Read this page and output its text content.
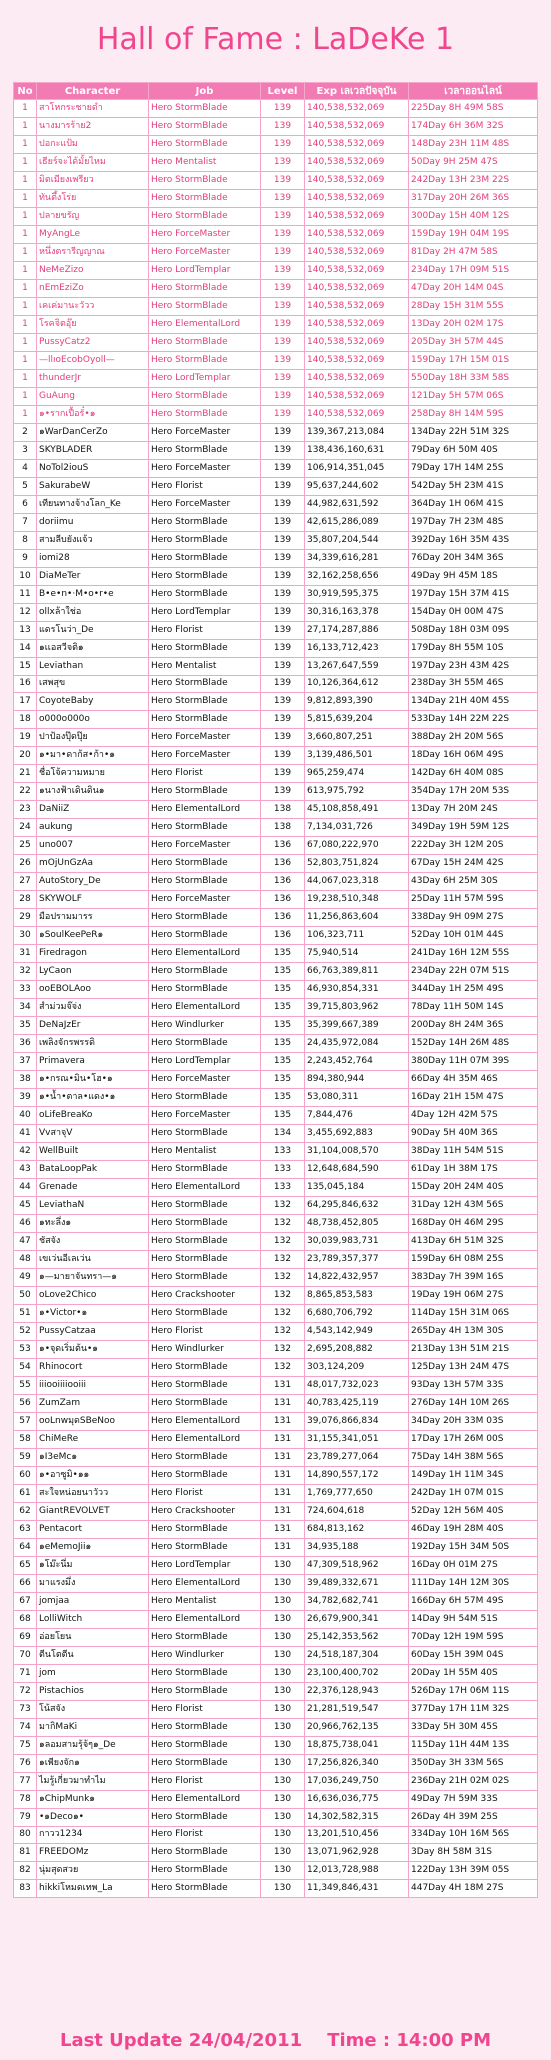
Hall of Fame : LaDeKe 1
No	Character	Job	Level	Exp เลเวลปัจจุบัน	เวลาออนไลน์
1	สาโหกระชายดำ	Hero StormBlade	139	140,538,532,069	225Day 8H 49M 58S
1	นางมารร้าย2	Hero StormBlade	139	140,538,532,069	174Day 6H 36M 32S
1	ปอกะแป้ม	Hero StormBlade	139	140,538,532,069	148Day 23H 11M 48S
1	เธียร์จะได้มั้ยไหม	Hero Mentalist	139	140,538,532,069	50Day 9H 25M 47S
1	มิตเมียงเพรียว	Hero StormBlade	139	140,538,532,069	242Day 13H 23M 22S
1	ทันตึ้งโร่ย	Hero StormBlade	139	140,538,532,069	317Day 20H 26M 36S
1	ปลายขรัญ	Hero StormBlade	139	140,538,532,069	300Day 15H 40M 12S
1	MyAngLe	Hero ForceMaster	139	140,538,532,069	159Day 19H 04M 19S
1	หนึ่งตรารีญญาณ	Hero ForceMaster	139	140,538,532,069	81Day 2H 47M 58S
1	NeMeZizo	Hero LordTemplar	139	140,538,532,069	234Day 17H 09M 51S
1	nEmEziZo	Hero StormBlade	139	140,538,532,069	47Day 20H 14M 04S
1	เคเค่มานะวัวว	Hero StormBlade	139	140,538,532,069	28Day 15H 31M 55S
1	โรคจิตอุ๊ย	Hero ElementalLord	139	140,538,532,069	13Day 20H 02M 17S
1	PussyCatz2	Hero StormBlade	139	140,538,532,069	205Day 3H 57M 44S
1	—llıoEcobOyoll—	Hero StormBlade	139	140,538,532,069	159Day 17H 15M 01S
1	thunderJr	Hero LordTemplar	139	140,538,532,069	550Day 18H 33M 58S
1	GuAung	Hero StormBlade	139	140,538,532,069	121Day 5H 57M 06S
1	๑•รากเปื้อรั๋•๑	Hero StormBlade	139	140,538,532,069	258Day 8H 14M 59S
2	๑WarDanCerZo	Hero ForceMaster	139	139,367,213,084	134Day 22H 51M 32S
3	SKYBLADER	Hero StormBlade	139	138,436,160,631	79Day 6H 50M 40S
4	NoTol2iouS	Hero ForceMaster	139	106,914,351,045	79Day 17H 14M 25S
5	SakurabeW	Hero Florist	139	95,637,244,602	542Day 5H 23M 41S
6	เทียนทางจ้างโลก_Ke	Hero ForceMaster	139	44,982,631,592	364Day 1H 06M 41S
7	doriimu	Hero StormBlade	139	42,615,286,089	197Day 7H 23M 48S
8	สามลีบยังแจ้ว	Hero StormBlade	139	35,807,204,544	392Day 16H 35M 43S
9	iomi28	Hero StormBlade	139	34,339,616,281	76Day 20H 34M 36S
10	DiaMeTer	Hero StormBlade	139	32,162,258,656	49Day 9H 45M 18S
11	B•e•n•·M•o•r•e	Hero StormBlade	139	30,919,595,375	197Day 15H 37M 41S
12	ollxล้าใช่อ	Hero LordTemplar	139	30,316,163,378	154Day 0H 00M 47S
13	แดรโนว่า_De	Hero Florist	139	27,174,287,886	508Day 18H 03M 09S
14	๑เเอสวีจติ๑	Hero StormBlade	139	16,133,712,423	179Day 8H 55M 10S
15	Leviathan	Hero Mentalist	139	13,267,647,559	197Day 23H 43M 42S
16	เสพสุข	Hero StormBlade	139	10,126,364,612	238Day 3H 55M 46S
17	CoyoteBaby	Hero StormBlade	139	9,812,893,390	134Day 21H 40M 45S
18	o000o000o	Hero StormBlade	139	5,815,639,204	533Day 14H 22M 22S
19	ปาป้องปุ๊ดปุ๊ย	Hero ForceMaster	139	3,660,807,251	388Day 2H 20M 56S
20	๑•มา•ดาก้ส•ก้า•๑	Hero ForceMaster	139	3,139,486,501	18Day 16H 06M 49S
21	ชื่อโจ้ความหมาย	Hero Florist	139	965,259,474	142Day 6H 40M 08S
22	๑นางฟ้าเดินดิน๑	Hero StormBlade	139	613,975,792	354Day 17H 20M 53S
23	DaNiiZ	Hero ElementalLord	138	45,108,858,491	13Day 7H 20M 24S
24	aukung	Hero StormBlade	138	7,134,031,726	349Day 19H 59M 12S
25	uno007	Hero ForceMaster	136	67,080,222,970	222Day 3H 12M 20S
26	mOjUnGzAa	Hero StormBlade	136	52,803,751,824	67Day 15H 24M 42S
27	AutoStory_De	Hero StormBlade	136	44,067,023,318	43Day 6H 25M 30S
28	SKYWOLF	Hero ForceMaster	136	19,238,510,348	25Day 11H 57M 59S
29	มือปรามมารร	Hero StormBlade	136	11,256,863,604	338Day 9H 09M 27S
30	๑SoulKeePeR๑	Hero StormBlade	136	106,323,711	52Day 10H 01M 44S
31	Firedragon	Hero ElementalLord	135	75,940,514	241Day 16H 12M 55S
32	LyCaon	Hero StormBlade	135	66,763,389,811	234Day 22H 07M 51S
33	ooEBOLAoo	Hero StormBlade	135	46,930,854,331	344Day 1H 25M 49S
34	สำม่วมจ๊จ่ง	Hero ElementalLord	135	39,715,803,962	78Day 11H 50M 14S
35	DeNaJzEr	Hero Windlurker	135	35,399,667,389	200Day 8H 24M 36S
36	เพลิงจักรพรรดิ	Hero StormBlade	135	24,435,972,084	152Day 14H 26M 48S
37	Primavera	Hero LordTemplar	135	2,243,452,764	380Day 11H 07M 39S
38	๑•กรณ•มิน•โฮ•๑	Hero ForceMaster	135	894,380,944	66Day 4H 35M 46S
39	๑•น้ำ•ตาล•แดง•๑	Hero StormBlade	135	53,080,311	16Day 21H 15M 47S
40	oLifeBreaKo	Hero ForceMaster	135	7,844,476	4Day 12H 42M 57S
41	VvสาจุV	Hero StormBlade	134	3,455,692,883	90Day 5H 40M 36S
42	WellBuilt	Hero Mentalist	133	31,104,008,570	38Day 11H 54M 51S
43	BataLoopPak	Hero StormBlade	133	12,648,684,590	61Day 1H 38M 17S
44	Grenade	Hero ElementalLord	133	135,045,184	15Day 20H 24M 40S
45	LeviathaN	Hero StormBlade	132	64,295,846,632	31Day 12H 43M 56S
46	๑ทะลึ่ง๑	Hero StormBlade	132	48,738,452,805	168Day 0H 46M 29S
47	ชัสจัง	Hero StormBlade	132	30,039,983,731	413Day 6H 51M 32S
48	เขเว่นอีเลเว่น	Hero StormBlade	132	23,789,357,377	159Day 6H 08M 25S
49	๑—มายาจันทรา—๑	Hero StormBlade	132	14,822,432,957	383Day 7H 39M 16S
50	oLove2Chico	Hero Crackshooter	132	8,865,853,583	19Day 19H 06M 27S
51	๑•Victor•๑	Hero StormBlade	132	6,680,706,792	114Day 15H 31M 06S
52	PussyCatzaa	Hero Florist	132	4,543,142,949	265Day 4H 13M 30S
53	๑•จุดเริ่มต้น•๑	Hero Windlurker	132	2,695,208,882	213Day 13H 51M 21S
54	Rhinocort	Hero StormBlade	132	303,124,209	125Day 13H 24M 47S
55	iiiooiiiiooiii	Hero StormBlade	131	48,017,732,023	93Day 13H 57M 33S
56	ZumZam	Hero StormBlade	131	40,783,425,119	276Day 14H 10M 26S
57	ooLnwมุดSBeNoo	Hero ElementalLord	131	39,076,866,834	34Day 20H 33M 03S
58	ChiMeRe	Hero ElementalLord	131	31,155,341,051	17Day 17H 26M 00S
59	๑I3eMc๑	Hero StormBlade	131	23,789,277,064	75Day 14H 38M 56S
60	๑•อาซูมิ•๑๑	Hero StormBlade	131	14,890,557,172	149Day 1H 11M 34S
61	สะใจหน่อยนาวัวว	Hero Florist	131	1,769,777,650	242Day 1H 07M 01S
62	GiantREVOLVET	Hero Crackshooter	131	724,604,618	52Day 12H 56M 40S
63	Pentacort	Hero StormBlade	131	684,813,162	46Day 19H 28M 40S
64	๑eMemoJii๑	Hero StormBlade	131	34,935,188	192Day 15H 34M 50S
65	๑โม๊ะนึ่ม	Hero LordTemplar	130	47,309,518,962	16Day 0H 01M 27S
66	มาแรงมึ่ง	Hero ElementalLord	130	39,489,332,671	111Day 14H 12M 30S
67	jomjaa	Hero Mentalist	130	34,782,682,741	166Day 6H 57M 49S
68	LolliWitch	Hero ElementalLord	130	26,679,900,341	14Day 9H 54M 51S
69	อ่อยโยน	Hero StormBlade	130	25,142,353,562	70Day 12H 19M 59S
70	ตีนโตตีน	Hero Windlurker	130	24,518,187,304	60Day 15H 39M 04S
71	jom	Hero StormBlade	130	23,100,400,702	20Day 1H 55M 40S
72	Pistachios	Hero StormBlade	130	22,376,128,943	526Day 17H 06M 11S
73	โน้สจัง	Hero Florist	130	21,281,519,547	377Day 17H 11M 32S
74	มากิMaKi	Hero StormBlade	130	20,966,762,135	33Day 5H 30M 45S
75	๑ลอมสามรุ้จ้ๆ๑_De	Hero StormBlade	130	18,875,738,041	115Day 11H 44M 13S
76	๑เพียงจัก๑	Hero StormBlade	130	17,256,826,340	350Day 3H 33M 56S
77	ไมรู้เกี่ยวมาทำไม	Hero Florist	130	17,036,249,750	236Day 21H 02M 02S
78	๑ChipMunk๑	Hero ElementalLord	130	16,636,036,775	49Day 7H 59M 33S
79	•๑Deco๑•	Hero StormBlade	130	14,302,582,315	26Day 4H 39M 25S
80	กาวว1234	Hero Florist	130	13,201,510,456	334Day 10H 16M 56S
81	FREEDOMz	Hero StormBlade	130	13,071,962,928	3Day 8H 58M 31S
82	นุ่มสุดสวย	Hero StormBlade	130	12,013,728,988	122Day 13H 39M 05S
83	hikkiโหมดเทพ_La	Hero StormBlade	130	11,349,846,431	447Day 4H 18M 27S
Last Update 24/04/2011 Time : 14:00 PM
